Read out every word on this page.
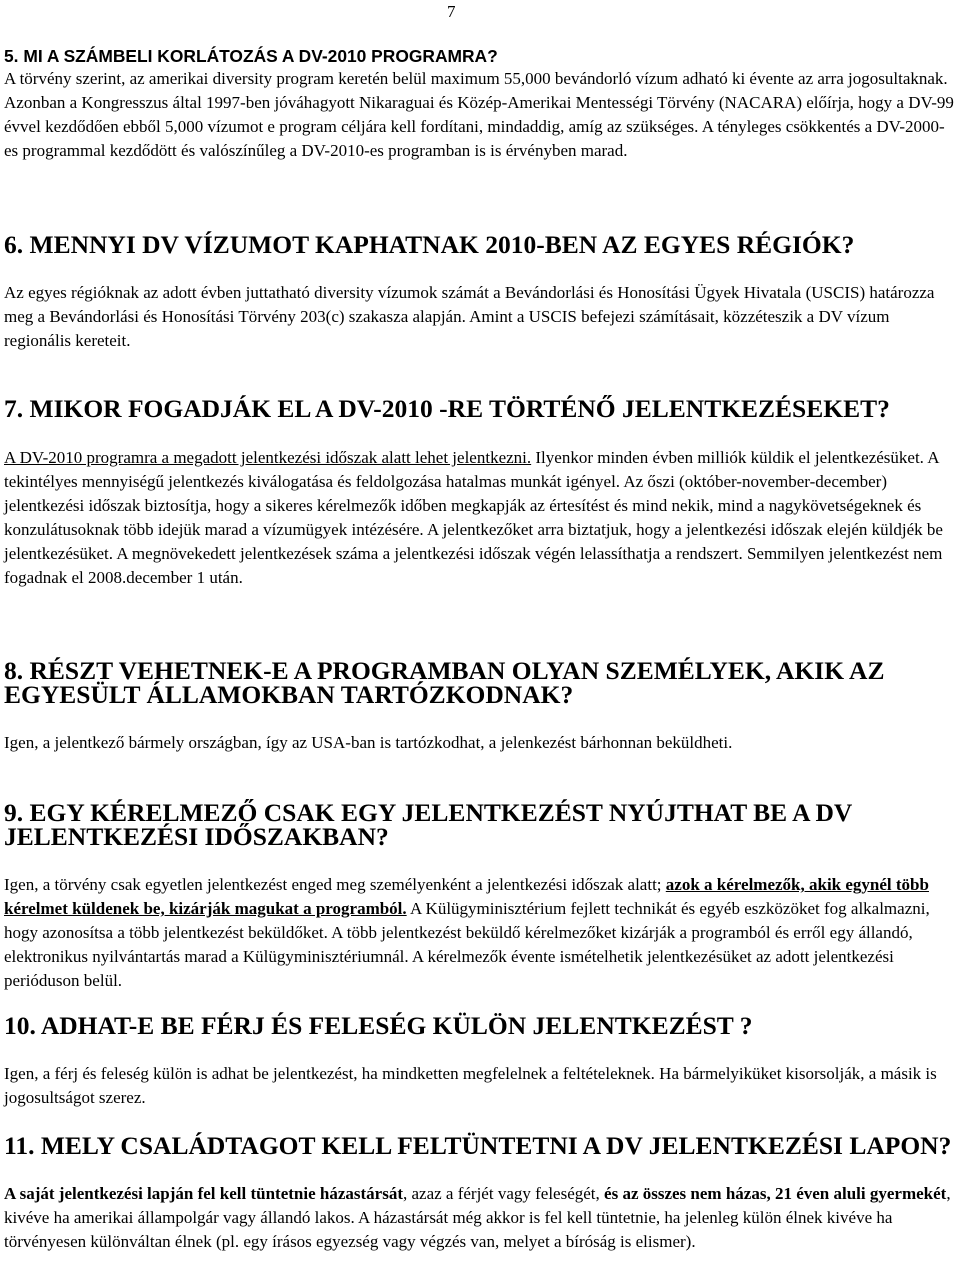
7
5. MI A SZÁMBELI KORLÁTOZÁS A DV-2010 PROGRAMRA?

A törvény szerint, az amerikai diversity program keretén belül maximum 55,000 bevándorló vízum adható ki évente az arra jogosultaknak. Azonban a Kongresszus által 1997-ben jóváhagyott Nikaraguai és Közép-Amerikai Mentességi Törvény (NACARA) előírja, hogy a DV-99 évvel kezdődően ebből 5,000 vízumot e program céljára kell fordítani, mindaddig, amíg az szükséges. A tényleges csökkentés a DV-2000-es programmal kezdődött és valószínűleg a DV-2010-es programban is is érvényben marad.

6. MENNYI DV VÍZUMOT KAPHATNAK 2010-BEN AZ EGYES RÉGIÓK?

Az egyes régióknak az adott évben juttatható diversity vízumok számát a Bevándorlási és Honosítási Ügyek Hivatala (USCIS) határozza meg a Bevándorlási és Honosítási Törvény 203(c) szakasza alapján. Amint a USCIS befejezi számításait, közzéteszik a DV vízum regionális kereteit.

7. MIKOR FOGADJÁK EL A DV-2010 -RE TÖRTÉNŐ JELENTKEZÉSEKET?

A DV-2010 programra a megadott jelentkezési időszak alatt lehet jelentkezni. Ilyenkor minden évben milliók küldik el jelentkezésüket. A tekintélyes mennyiségű jelentkezés kiválogatása és feldolgozása hatalmas munkát igényel. Az őszi (október-november-december) jelentkezési időszak biztosítja, hogy a sikeres kérelmezők időben megkapják az értesítést és mind nekik, mind a nagykövetségeknek és konzulátusoknak több idejük marad a vízumügyek intézésére. A jelentkezőket arra biztatjuk, hogy a jelentkezési időszak elején küldjék be jelentkezésüket. A megnövekedett jelentkezések száma a jelentkezési időszak végén lelassíthatja a rendszert. Semmilyen jelentkezést nem fogadnak el 2008.december 1 után.

8. RÉSZT VEHETNEK-E A PROGRAMBAN OLYAN SZEMÉLYEK, AKIK AZ EGYESÜLT ÁLLAMOKBAN TARTÓZKODNAK?

Igen, a jelentkező bármely országban, így az USA-ban is tartózkodhat, a jelenkezést bárhonnan beküldheti.

9. EGY KÉRELMEZŐ CSAK EGY JELENTKEZÉST NYÚJTHAT BE A DV JELENTKEZÉSI IDŐSZAKBAN?

Igen, a törvény csak egyetlen jelentkezést enged meg személyenként a jelentkezési időszak alatt; azok a kérelmezők, akik egynél több kérelmet küldenek be, kizárják magukat a programból. A Külügyminisztérium fejlett technikát és egyéb eszközöket fog alkalmazni, hogy azonosítsa a több jelentkezést beküldőket. A több jelentkezést beküldő kérelmezőket kizárják a programból és erről egy állandó, elektronikus nyilvántartás marad a Külügyminisztériumnál. A kérelmezők évente ismételhetik jelentkezésüket az adott jelentkezési perióduson belül.

10. ADHAT-E BE FÉRJ ÉS FELESÉG KÜLÖN JELENTKEZÉST ?

Igen, a férj és feleség külön is adhat be jelentkezést, ha mindketten megfelelnek a feltételeknek. Ha bármelyiküket kisorsolják, a másik is jogosultságot szerez.

11. MELY CSALÁDTAGOT KELL FELTÜNTETNI A DV JELENTKEZÉSI LAPON?

A saját jelentkezési lapján fel kell tüntetnie házastársát, azaz a férjét vagy feleségét, és az összes nem házas, 21 éven aluli gyermekét, kivéve ha amerikai állampolgár vagy állandó lakos. A házastársát még akkor is fel kell tüntetnie, ha jelenleg külön élnek kivéve ha törvényesen különváltan élnek (pl. egy írásos egyezség vagy végzés van, melyet a bíróság is elismer).
